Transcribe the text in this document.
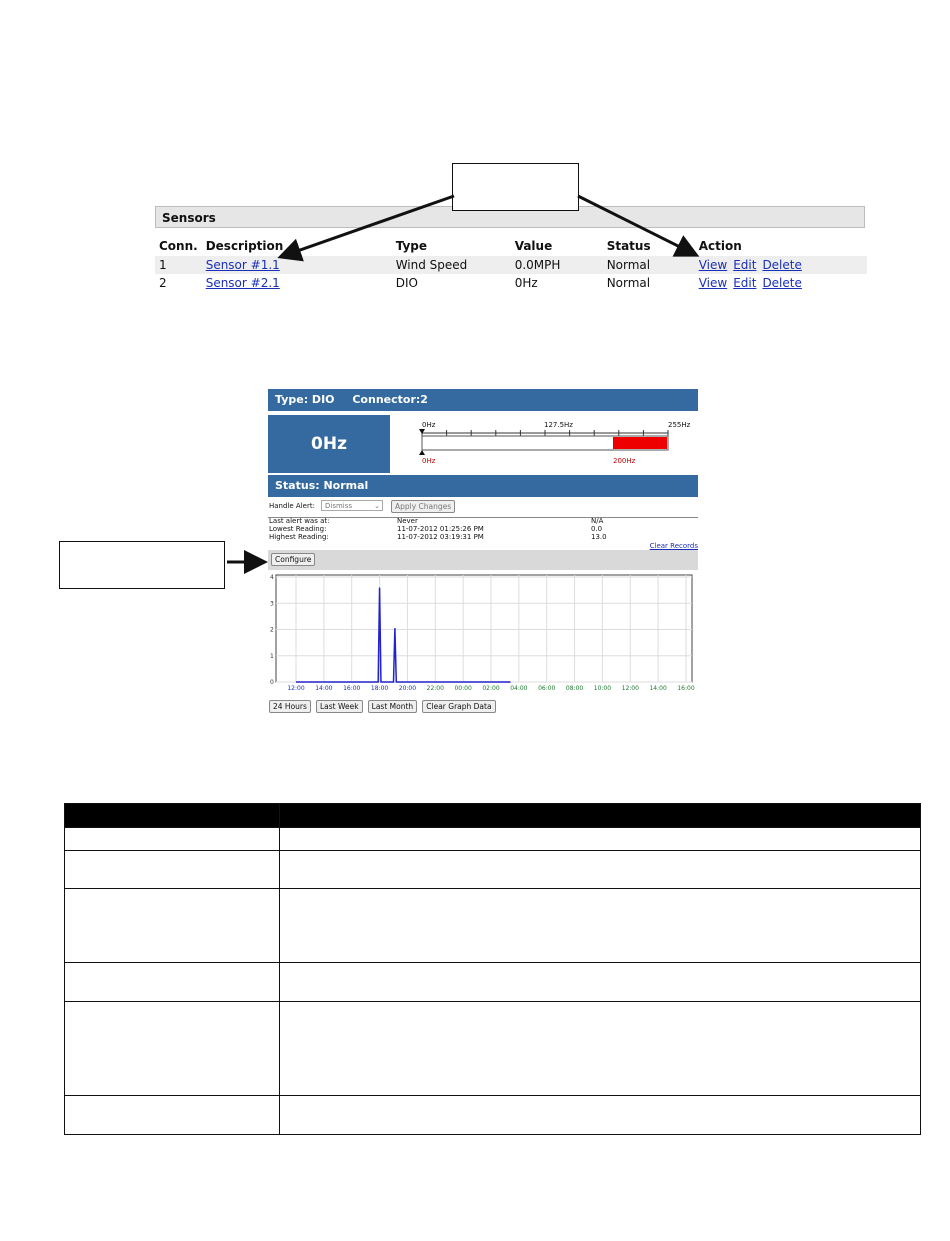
Sensors
Conn.	Description	Type	Value	Status	Action
1	Sensor #1.1	Wind Speed	0.0MPH	Normal	View Edit Delete
2	Sensor #2.1	DIO	0Hz	Normal	View Edit Delete
Type: DIO Connector:2
0Hz
0Hz	127.5Hz	255Hz
0Hz	200Hz
Status: Normal
Handle Alert:	Dismiss	⌄	Apply Changes
Last alert was at:	Never	N/A
Lowest Reading:	11-07-2012 01:25:26 PM	0.0
Highest Reading:	11-07-2012 03:19:31 PM	13.0
Clear Records
Configure
0
1
2
3
4
12:00 14:00 16:00 18:00 20:00 22:00 00:00 02:00 04:00 06:00 08:00 10:00 12:00 14:00 16:00
24 Hours Last Week Last Month Clear Graph Data
